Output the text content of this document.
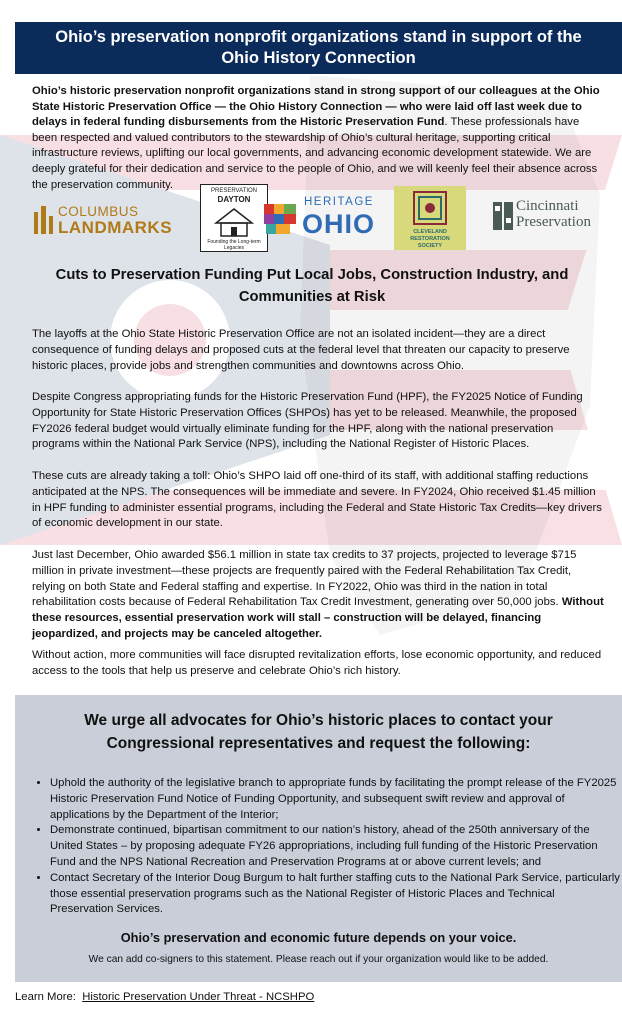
Ohio’s preservation nonprofit organizations stand in support of the
Ohio History Connection

Ohio’s historic preservation nonprofit organizations stand in strong support of our colleagues at the Ohio State Historic Preservation Office — the Ohio History Connection — who were laid off last week due to delays in federal funding disbursements from the Historic Preservation Fund. These professionals have been respected and valued contributors to the stewardship of Ohio’s cultural heritage, supporting critical infrastructure reviews, uplifting our local governments, and advancing economic development statewide. We are deeply grateful for their dedication and service to the people of Ohio, and we will keenly feel their absence across the preservation community.

COLUMBUS
LANDMARKS
PRESERVATION
DAYTON
Founding the Long-term Legacies
HERITAGE
OHIO	CLEVELAND
RESTORATION
SOCIETY
Cincinnati
Preservation
Cuts to Preservation Funding Put Local Jobs, Construction Industry, and
Communities at Risk

The layoffs at the Ohio State Historic Preservation Office are not an isolated incident—they are a direct consequence of funding delays and proposed cuts at the federal level that threaten our capacity to preserve historic places, provide jobs and strengthen communities and downtowns across Ohio.

Despite Congress appropriating funds for the Historic Preservation Fund (HPF), the FY2025 Notice of Funding Opportunity for State Historic Preservation Offices (SHPOs) has yet to be released. Meanwhile, the proposed FY2026 federal budget would virtually eliminate funding for the HPF, along with the national preservation programs within the National Park Service (NPS), including the National Register of Historic Places.

These cuts are already taking a toll: Ohio’s SHPO laid off one-third of its staff, with additional staffing reductions anticipated at the NPS. The consequences will be immediate and severe. In FY2024, Ohio received $1.45 million in HPF funding to administer essential programs, including the Federal and State Historic Tax Credits—key drivers of economic development in our state.

Just last December, Ohio awarded $56.1 million in state tax credits to 37 projects, projected to leverage $715 million in private investment—these projects are frequently paired with the Federal Rehabilitation Tax Credit, relying on both State and Federal staffing and expertise. In FY2022, Ohio was third in the nation in total rehabilitation costs because of Federal Rehabilitation Tax Credit Investment, generating over 50,000 jobs. Without these resources, essential preservation work will stall – construction will be delayed, financing jeopardized, and projects may be canceled altogether.

Without action, more communities will face disrupted revitalization efforts, lose economic opportunity, and reduced access to the tools that help us preserve and celebrate Ohio’s rich history.

We urge all advocates for Ohio’s historic places to contact your
Congressional representatives and request the following:
• Uphold the authority of the legislative branch to appropriate funds by facilitating the prompt release of the FY2025 Historic Preservation Fund Notice of Funding Opportunity, and subsequent swift review and approval of applications by the Department of the Interior;
• Demonstrate continued, bipartisan commitment to our nation’s history, ahead of the 250th anniversary of the United States – by proposing adequate FY26 appropriations, including full funding of the Historic Preservation Fund and the NPS National Recreation and Preservation Programs at or above current levels; and
• Contact Secretary of the Interior Doug Burgum to halt further staffing cuts to the National Park Service, particularly those essential preservation programs such as the National Register of Historic Places and Technical Preservation Services.
Ohio’s preservation and economic future depends on your voice.
We can add co-signers to this statement. Please reach out if your organization would like to be added.
Learn More: Historic Preservation Under Threat - NCSHPO
